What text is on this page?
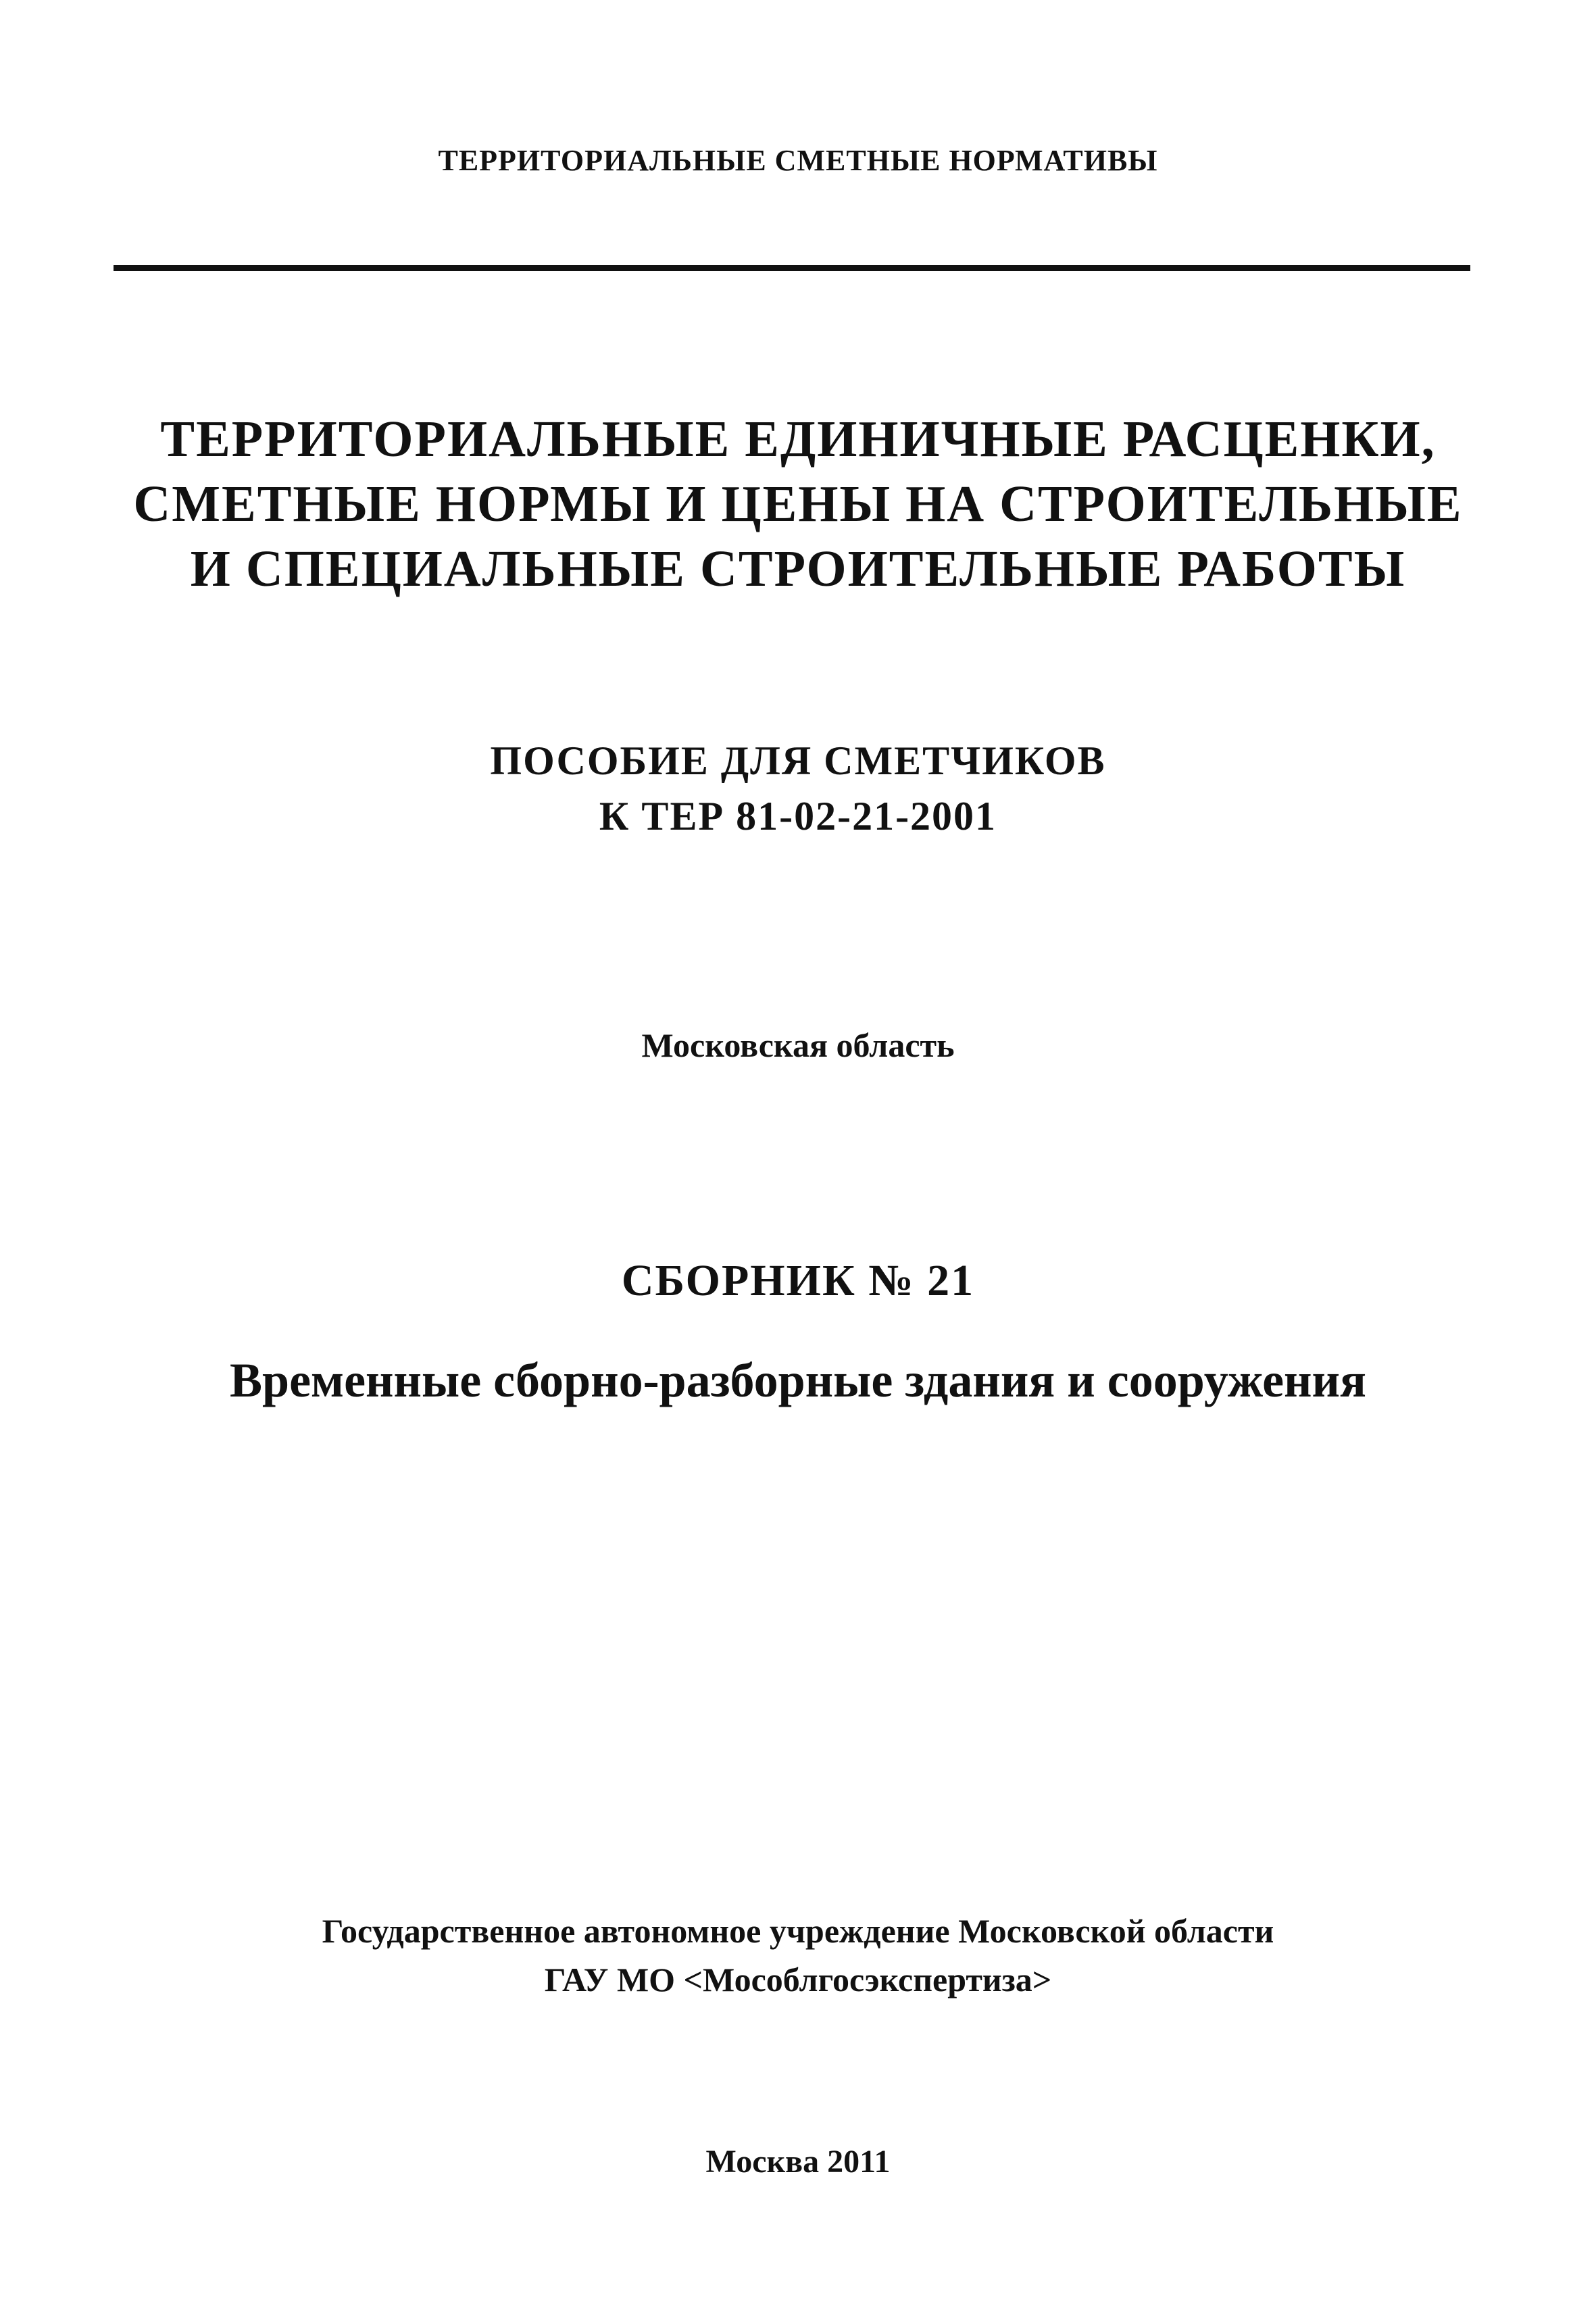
ТЕРРИТОРИАЛЬНЫЕ СМЕТНЫЕ НОРМАТИВЫ
ТЕРРИТОРИАЛЬНЫЕ ЕДИНИЧНЫЕ РАСЦЕНКИ,
СМЕТНЫЕ НОРМЫ И ЦЕНЫ НА СТРОИТЕЛЬНЫЕ
И СПЕЦИАЛЬНЫЕ СТРОИТЕЛЬНЫЕ РАБОТЫ
ПОСОБИЕ ДЛЯ СМЕТЧИКОВ
К ТЕР 81-02-21-2001
Московская область
СБОРНИК № 21
Временные сборно-разборные здания и сооружения
Государственное автономное учреждение Московской области
ГАУ МО <Мособлгосэкспертиза>
Москва 2011
